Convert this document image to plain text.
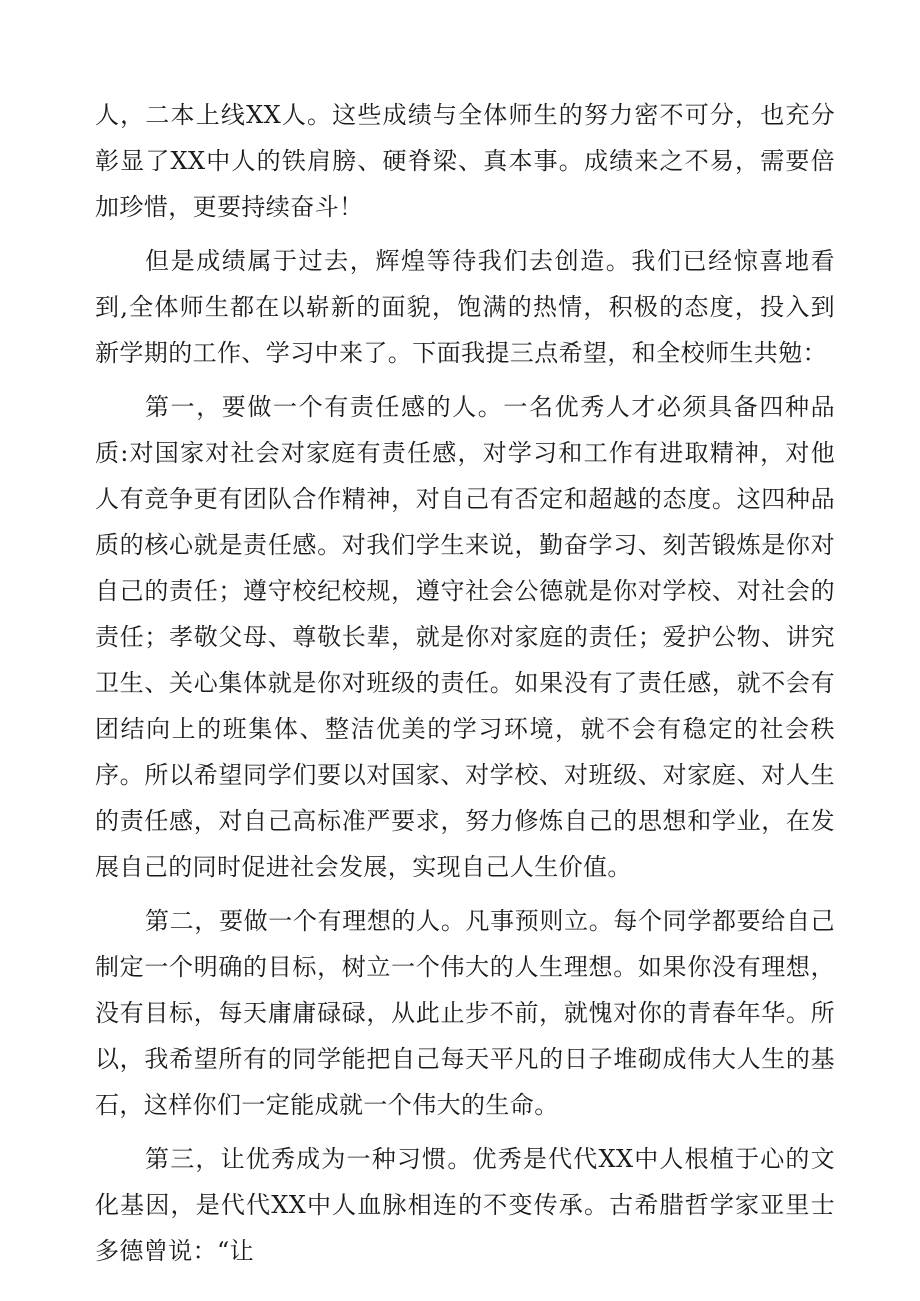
人，二本上线XX人。这些成绩与全体师生的努力密不可分，也充分彰显了XX中人的铁肩膀、硬脊梁、真本事。成绩来之不易，需要倍加珍惜，更要持续奋斗！

但是成绩属于过去，辉煌等待我们去创造。我们已经惊喜地看到,全体师生都在以崭新的面貌，饱满的热情，积极的态度，投入到新学期的工作、学习中来了。下面我提三点希望，和全校师生共勉：

第一，要做一个有责任感的人。一名优秀人才必须具备四种品质:对国家对社会对家庭有责任感，对学习和工作有进取精神，对他人有竞争更有团队合作精神，对自己有否定和超越的态度。这四种品质的核心就是责任感。对我们学生来说，勤奋学习、刻苦锻炼是你对自己的责任；遵守校纪校规，遵守社会公德就是你对学校、对社会的责任；孝敬父母、尊敬长辈，就是你对家庭的责任；爱护公物、讲究卫生、关心集体就是你对班级的责任。如果没有了责任感，就不会有团结向上的班集体、整洁优美的学习环境，就不会有稳定的社会秩序。所以希望同学们要以对国家、对学校、对班级、对家庭、对人生的责任感，对自己高标准严要求，努力修炼自己的思想和学业，在发展自己的同时促进社会发展，实现自己人生价值。

第二，要做一个有理想的人。凡事预则立。每个同学都要给自己制定一个明确的目标，树立一个伟大的人生理想。如果你没有理想，没有目标，每天庸庸碌碌，从此止步不前，就愧对你的青春年华。所以，我希望所有的同学能把自己每天平凡的日子堆砌成伟大人生的基石，这样你们一定能成就一个伟大的生命。

第三，让优秀成为一种习惯。优秀是代代XX中人根植于心的文化基因，是代代XX中人血脉相连的不变传承。古希腊哲学家亚里士多德曾说：“让
